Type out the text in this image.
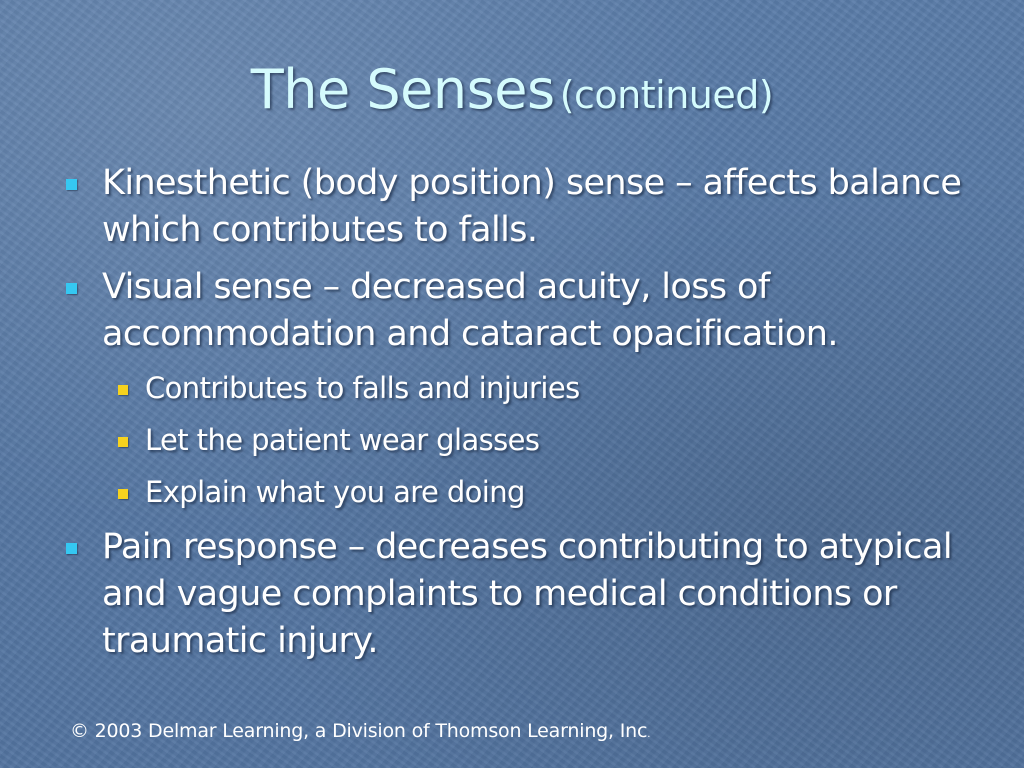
The Senses (continued)
Kinesthetic (body position) sense – affects balance which contributes to falls.
Visual sense – decreased acuity, loss of accommodation and cataract opacification.
Contributes to falls and injuries
Let the patient wear glasses
Explain what you are doing
Pain response – decreases contributing to atypical and vague complaints to medical conditions or traumatic injury.
© 2003 Delmar Learning, a Division of Thomson Learning, Inc.
